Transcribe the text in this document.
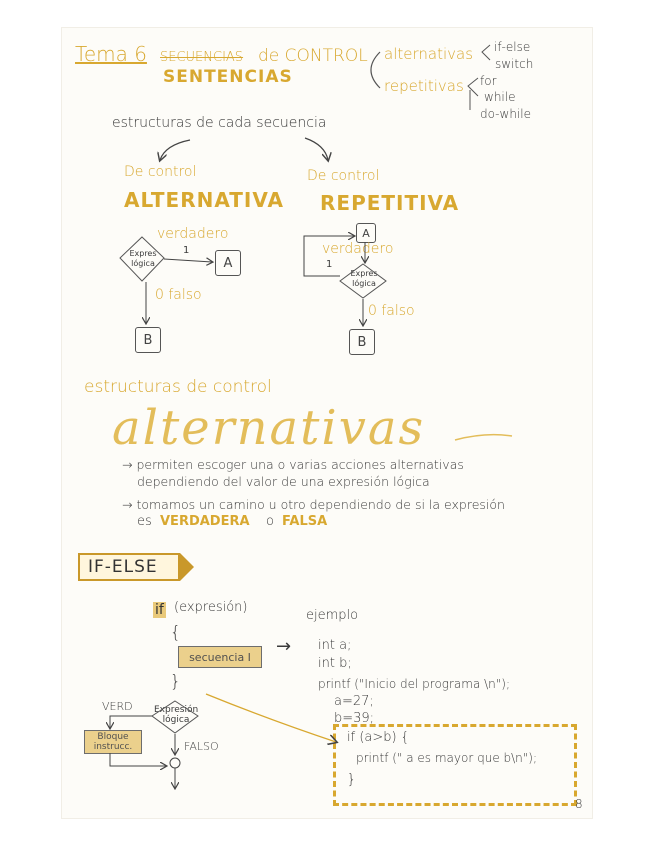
Tema 6 SECUENCIAS de CONTROL
SENTENCIAS
alternativas if-else
switch
repetitivas for
while
do-while
estructuras de cada secuencia
De control
ALTERNATIVA
De control
REPETITIVA
verdadero
1
Expres lógica	A
0 falso
B
A
verdadero
1
Expres lógica
0 falso
B
estructuras de control
alternativas
→ permiten escoger una o varias acciones alternativas
dependiendo del valor de una expresión lógica
→ tomamos un camino u otro dependiendo de si la expresión
es VERDADERA o FALSA
IF-ELSE
if (expresión)
{
secuencia I	→
}
VERD Expresión lógica
Bloque instrucc.	FALSO
ejemplo
int a;
int b;
printf ("Inicio del programa \n");
a=27;
b=39;
if (a>b) {
printf (" a es mayor que b\n");
}
8
